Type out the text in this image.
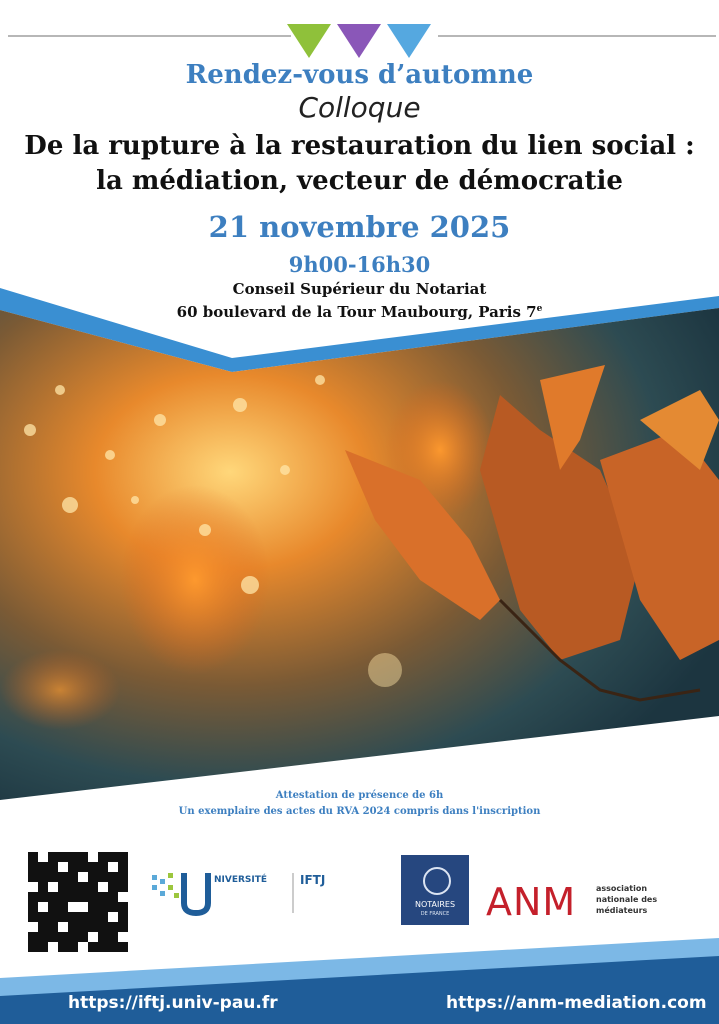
Rendez-vous d’automne
Colloque
De la rupture à la restauration du lien social :
la médiation, vecteur de démocratie
21 novembre 2025
9h00-16h30
Conseil Supérieur du Notariat
60 boulevard de la Tour Maubourg, Paris 7e
Attestation de présence de 6h
Un exemplaire des actes du RVA 2024 compris dans l'inscription
NIVERSITÉ	IFTJ
NOTAIRES
DE FRANCE ANM association
nationale des
médiateurs
https://iftj.univ-pau.fr	https://anm-mediation.com
